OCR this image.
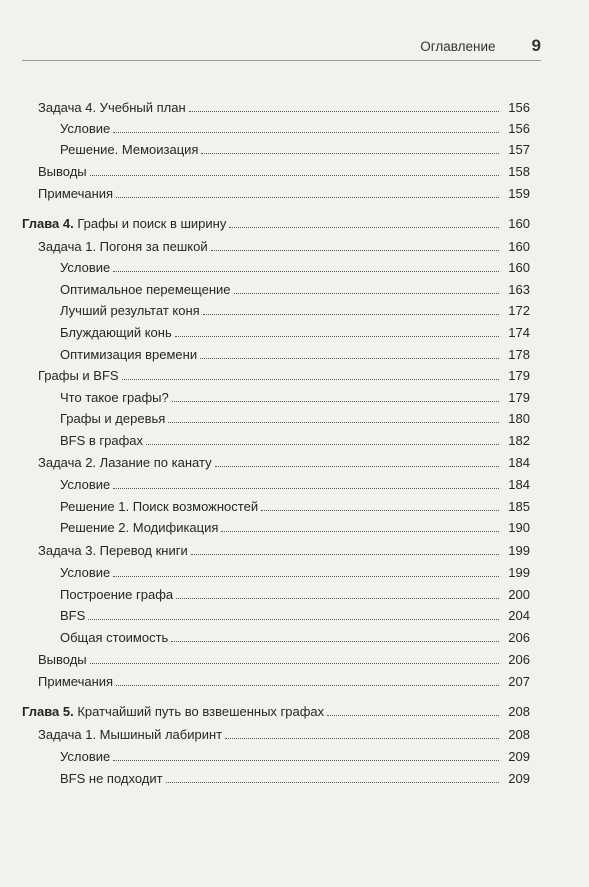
Оглавление 9
Задача 4. Учебный план	156
Условие	156
Решение. Мемоизация	157
Выводы	158
Примечания	159
Глава 4. Графы и поиск в ширину	160
Задача 1. Погоня за пешкой	160
Условие	160
Оптимальное перемещение	163
Лучший результат коня	172
Блуждающий конь	174
Оптимизация времени	178
Графы и BFS	179
Что такое графы?	179
Графы и деревья	180
BFS в графах	182
Задача 2. Лазание по канату	184
Условие	184
Решение 1. Поиск возможностей	185
Решение 2. Модификация	190
Задача 3. Перевод книги	199
Условие	199
Построение графа	200
BFS	204
Общая стоимость	206
Выводы	206
Примечания	207
Глава 5. Кратчайший путь во взвешенных графах	208
Задача 1. Мышиный лабиринт	208
Условие	209
BFS не подходит	209
